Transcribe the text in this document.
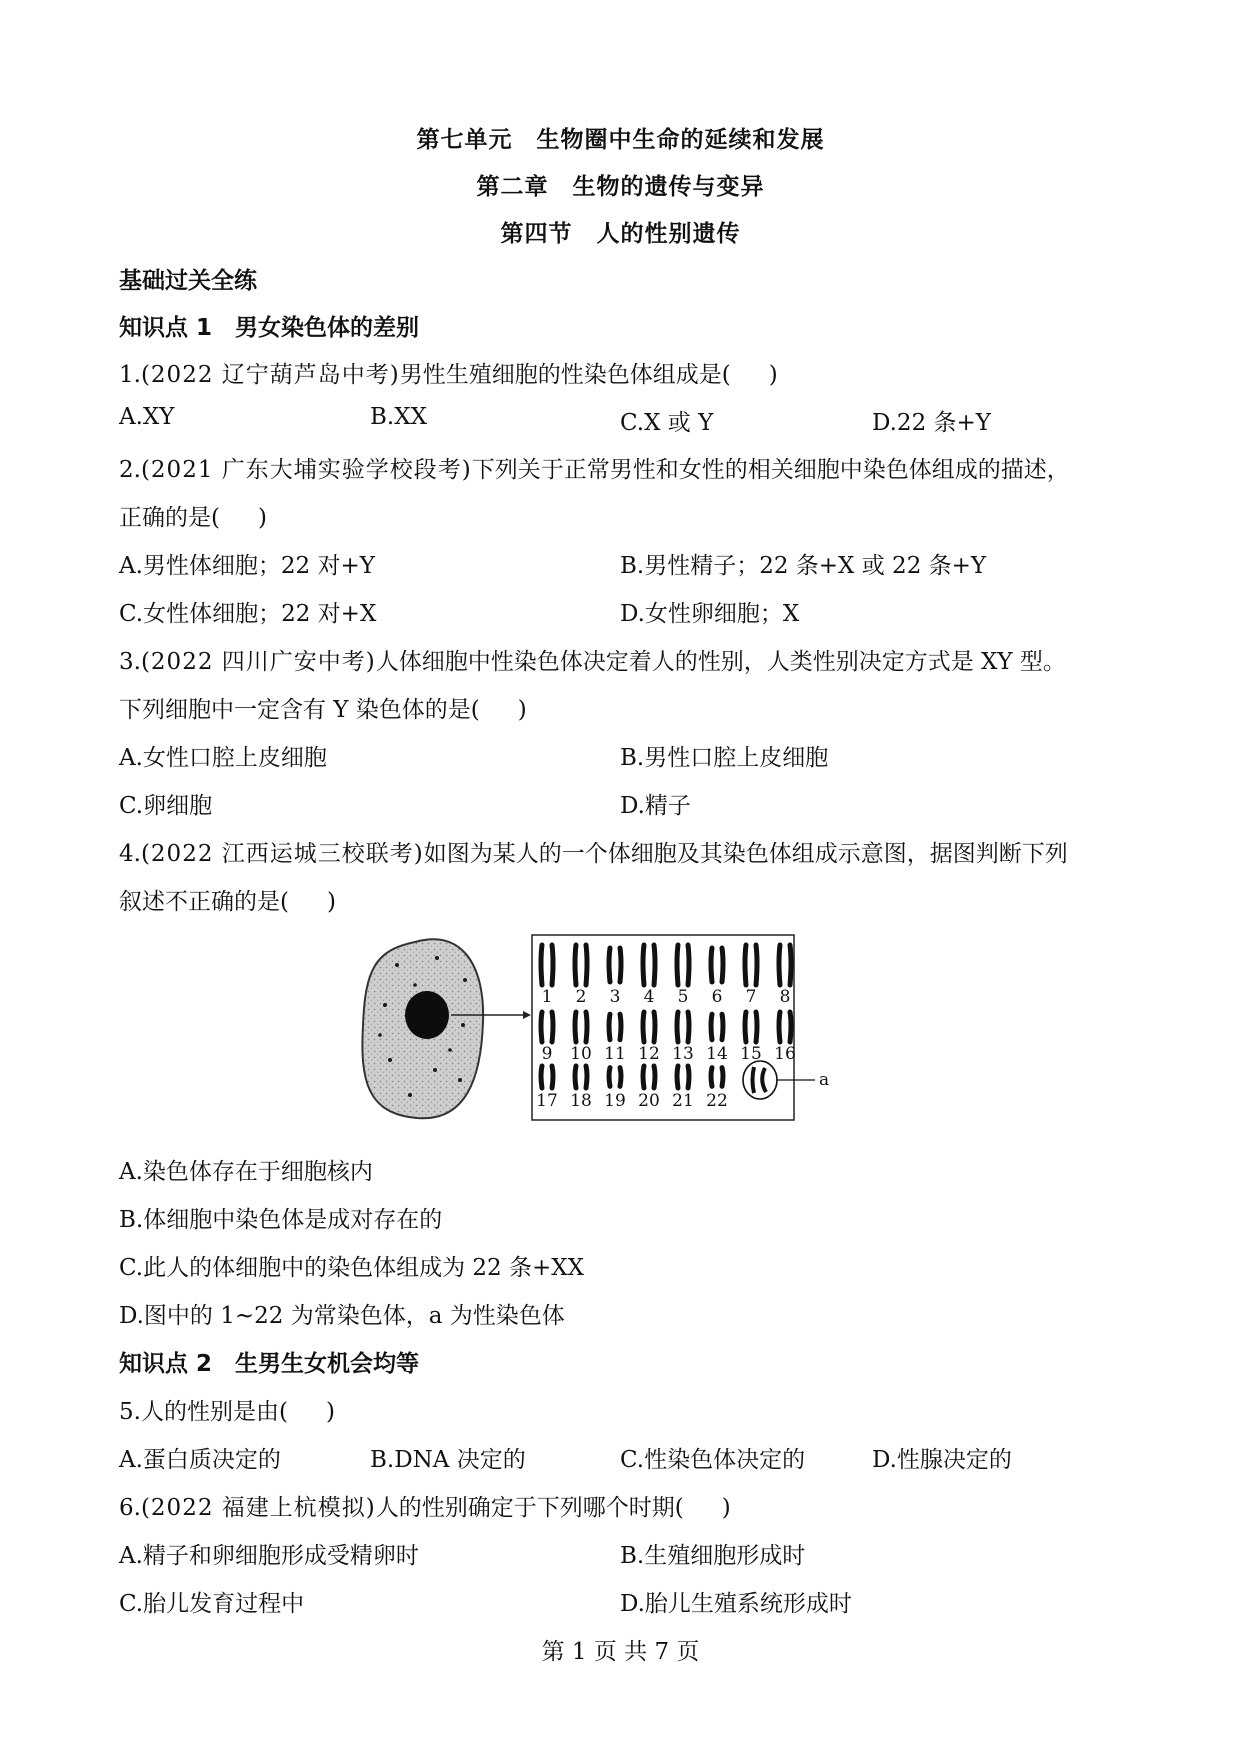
第七单元　生物圈中生命的延续和发展
第二章　生物的遗传与变异
第四节　人的性别遗传
基础过关全练
知识点 1　男女染色体的差别
1.(2022 辽宁葫芦岛中考)男性生殖细胞的性染色体组成是( )
A.XY	B.XX	C.X 或 Y	D.22 条+Y
2.(2021 广东大埔实验学校段考)下列关于正常男性和女性的相关细胞中染色体组成的描述，
正确的是( )
A.男性体细胞；22 对+Y	B.男性精子；22 条+X 或 22 条+Y
C.女性体细胞；22 对+X	D.女性卵细胞；X
3.(2022 四川广安中考)人体细胞中性染色体决定着人的性别，人类性别决定方式是 XY 型。
下列细胞中一定含有 Y 染色体的是( )
A.女性口腔上皮细胞	B.男性口腔上皮细胞
C.卵细胞	D.精子
4.(2022 江西运城三校联考)如图为某人的一个体细胞及其染色体组成示意图，据图判断下列
叙述不正确的是( )
1 2 3 4 5 6 7 8
9 10 11 12 13 14 15 16
17 18 19 20 21 22
a
A.染色体存在于细胞核内
B.体细胞中染色体是成对存在的
C.此人的体细胞中的染色体组成为 22 条+XX
D.图中的 1~22 为常染色体，a 为性染色体
知识点 2　生男生女机会均等
5.人的性别是由( )
A.蛋白质决定的	B.DNA 决定的	C.性染色体决定的	D.性腺决定的
6.(2022 福建上杭模拟)人的性别确定于下列哪个时期( )
A.精子和卵细胞形成受精卵时	B.生殖细胞形成时
C.胎儿发育过程中	D.胎儿生殖系统形成时
第 1 页 共 7 页
